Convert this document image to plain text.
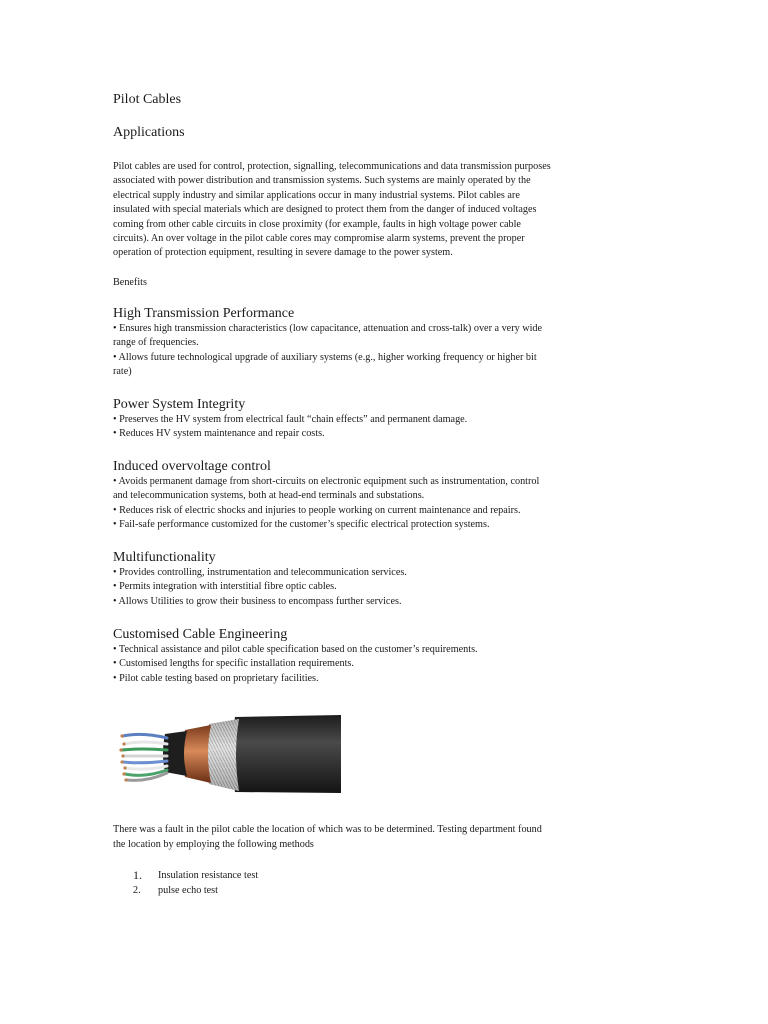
Pilot Cables
Applications

Pilot cables are used for control, protection, signalling, telecommunications and data transmission purposes
associated with power distribution and transmission systems. Such systems are mainly operated by the
electrical supply industry and similar applications occur in many industrial systems. Pilot cables are
insulated with special materials which are designed to protect them from the danger of induced voltages
coming from other cable circuits in close proximity (for example, faults in high voltage power cable
circuits). An over voltage in the pilot cable cores may compromise alarm systems, prevent the proper
operation of protection equipment, resulting in severe damage to the power system.

Benefits

High Transmission Performance

• Ensures high transmission characteristics (low capacitance, attenuation and cross-talk) over a very wide
range of frequencies.
• Allows future technological upgrade of auxiliary systems (e.g., higher working frequency or higher bit
rate)

Power System Integrity

• Preserves the HV system from electrical fault “chain effects” and permanent damage.
• Reduces HV system maintenance and repair costs.

Induced overvoltage control

• Avoids permanent damage from short-circuits on electronic equipment such as instrumentation, control
and telecommunication systems, both at head-end terminals and substations.
• Reduces risk of electric shocks and injuries to people working on current maintenance and repairs.
• Fail-safe performance customized for the customer’s specific electrical protection systems.

Multifunctionality

• Provides controlling, instrumentation and telecommunication services.
• Permits integration with interstitial fibre optic cables.
• Allows Utilities to grow their business to encompass further services.

Customised Cable Engineering

• Technical assistance and pilot cable specification based on the customer’s requirements.
• Customised lengths for specific installation requirements.
• Pilot cable testing based on proprietary facilities.

There was a fault in the pilot cable the location of which was to be determined. Testing department found
the location by employing the following methods

1.	Insulation resistance test
2.	pulse echo test
